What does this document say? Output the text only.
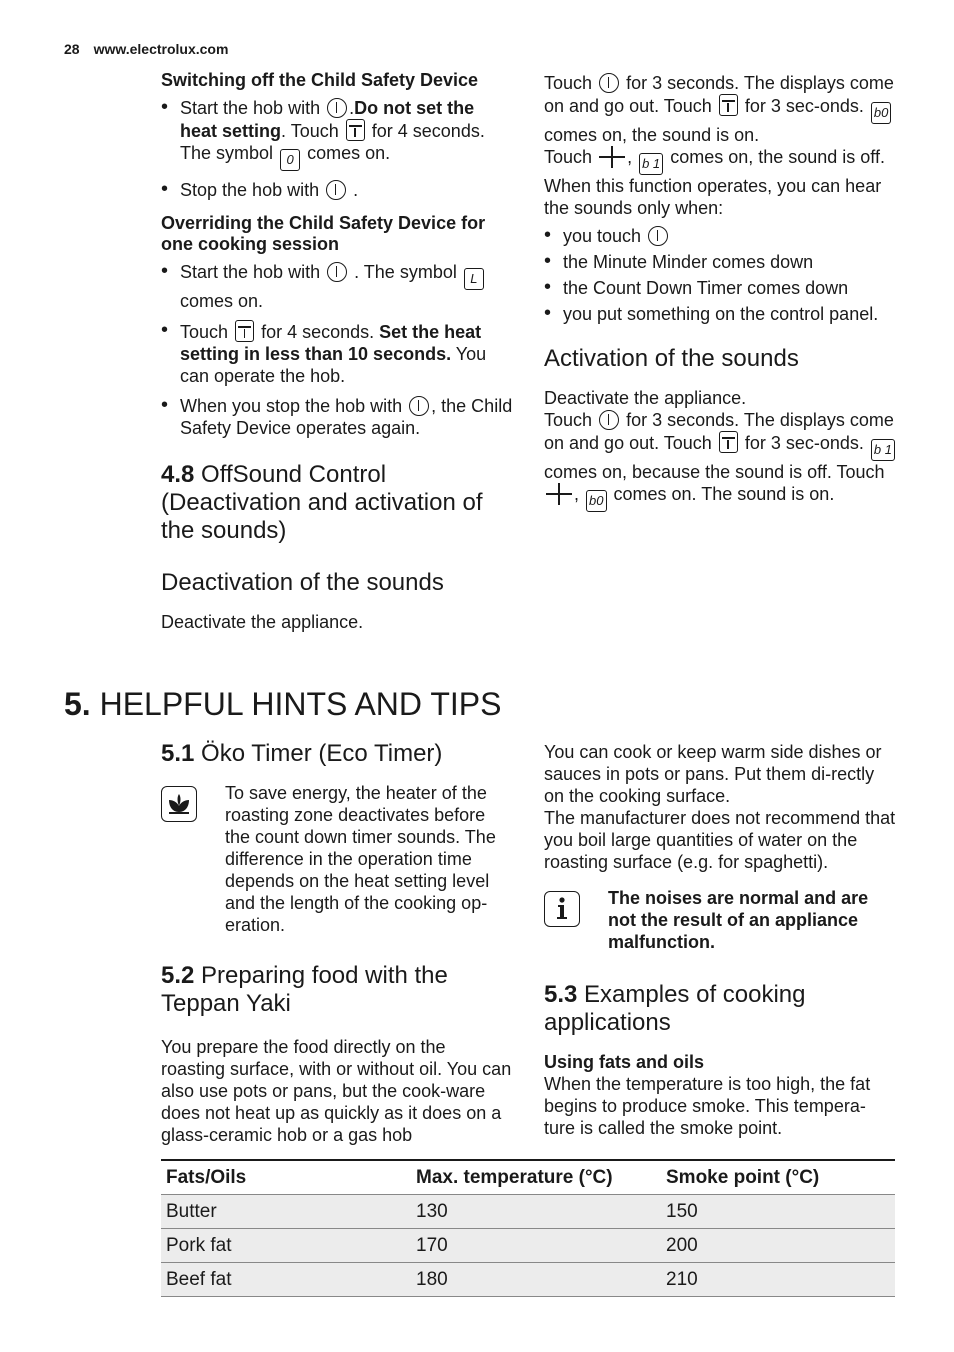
28 www.electrolux.com
Switching off the Child Safety Device
• Start the hob with .Do not set the heat setting. Touch for 4 seconds. The symbol 0 comes on.
• Stop the hob with .
Overriding the Child Safety Device for one cooking session
• Start the hob with . The symbol L comes on.
• Touch for 4 seconds. Set the heat setting in less than 10 seconds. You can operate the hob.
• When you stop the hob with , the Child Safety Device operates again.
4.8 OffSound Control (Deactivation and activation of the sounds)
Deactivation of the sounds

Deactivate the appliance.

Touch for 3 seconds. The displays come on and go out. Touch for 3 sec-onds. b0 comes on, the sound is on.

Touch , b 1 comes on, the sound is off.

When this function operates, you can hear the sounds only when:

• you touch
• the Minute Minder comes down
• the Count Down Timer comes down
• you put something on the control panel.
Activation of the sounds

Deactivate the appliance.

Touch for 3 seconds. The displays come on and go out. Touch for 3 sec-onds. b 1 comes on, because the sound is off. Touch , b0 comes on. The sound is on.

5. HELPFUL HINTS AND TIPS
5.1 Öko Timer (Eco Timer)

To save energy, the heater of the roasting zone deactivates before the count down timer sounds. The difference in the operation time depends on the heat setting level and the length of the cooking op-eration.

5.2 Preparing food with the Teppan Yaki

You prepare the food directly on the roasting surface, with or without oil. You can also use pots or pans, but the cook-ware does not heat up as quickly as it does on a glass-ceramic hob or a gas hob

You can cook or keep warm side dishes or sauces in pots or pans. Put them di-rectly on the cooking surface.

The manufacturer does not recommend that you boil large quantities of water on the roasting surface (e.g. for spaghetti).

The noises are normal and are not the result of an appliance malfunction.

5.3 Examples of cooking applications

Using fats and oils

When the temperature is too high, the fat begins to produce smoke. This tempera-ture is called the smoke point.

Fats/Oils	Max. temperature (°C)	Smoke point (°C)
Butter	130	150
Pork fat	170	200
Beef fat	180	210
